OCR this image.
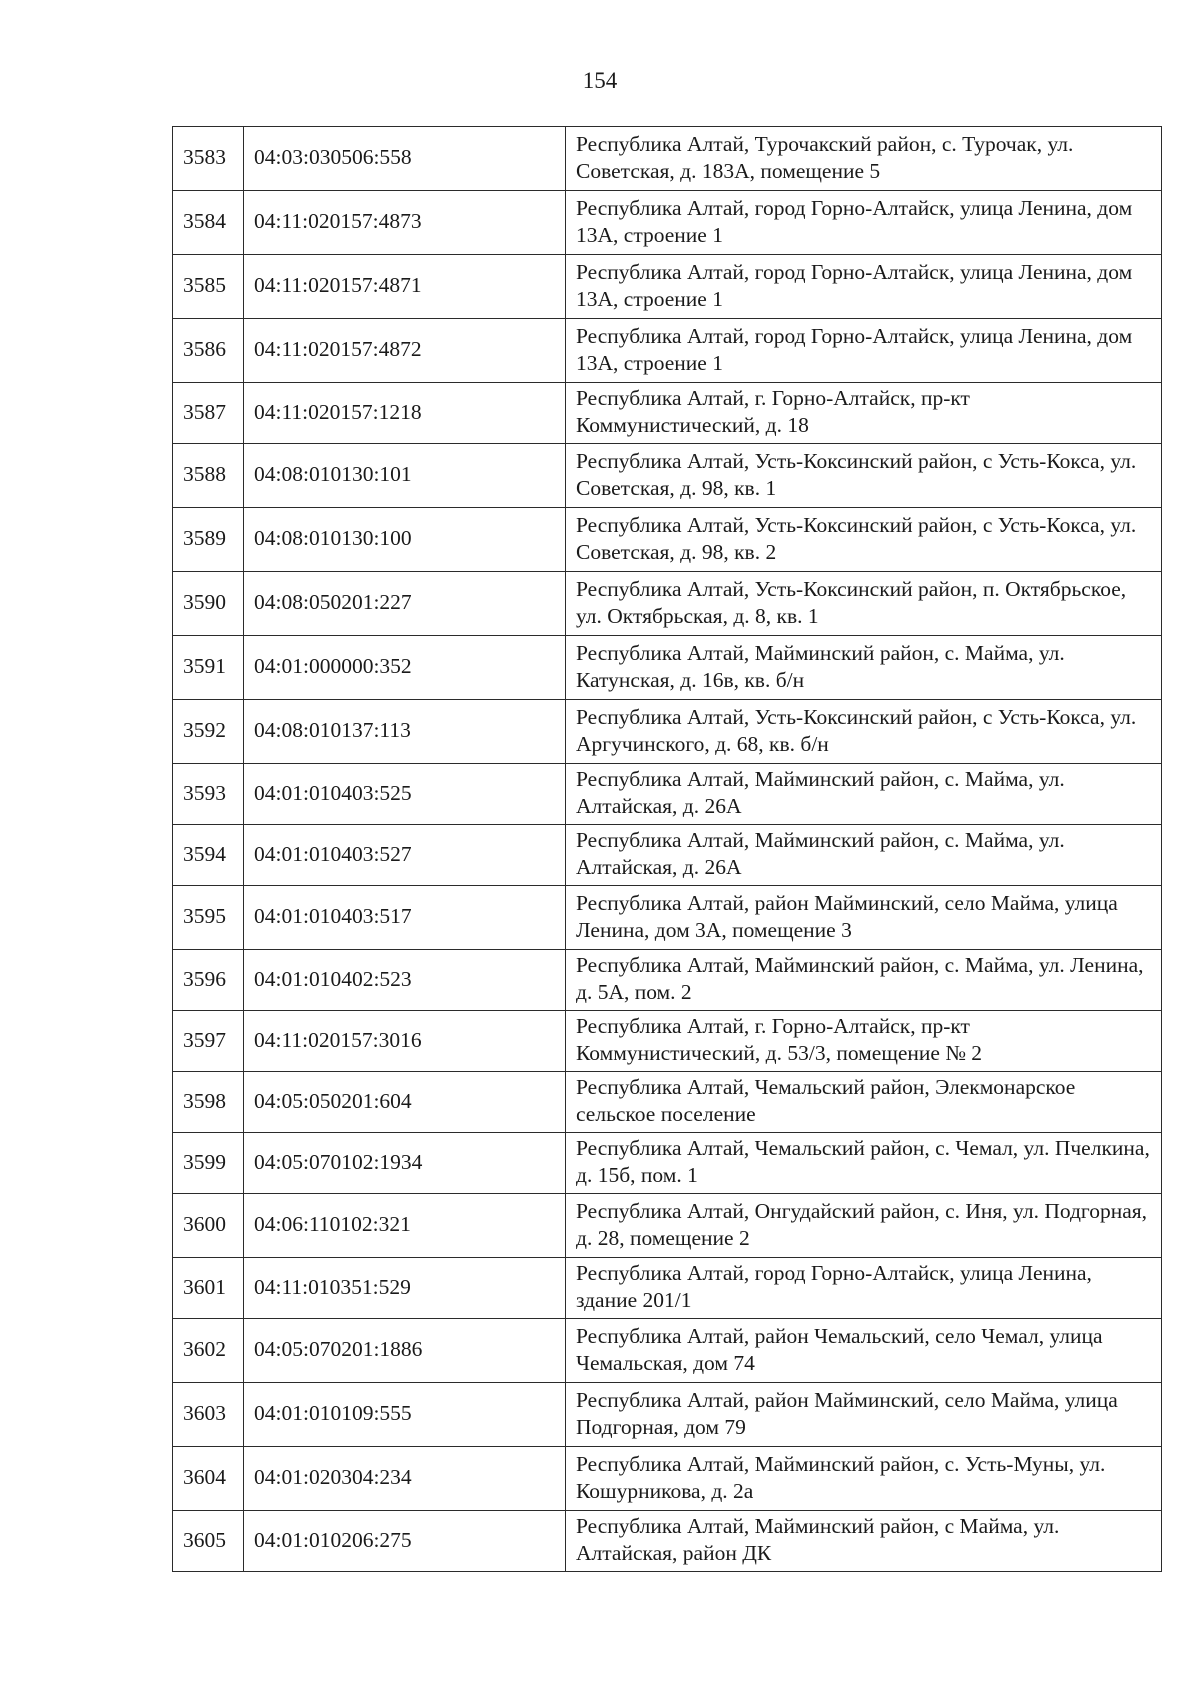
154
3583	04:03:030506:558	Республика Алтай, Турочакский район, с. Турочак, ул. Советская, д. 183А, помещение 5
3584	04:11:020157:4873	Республика Алтай, город Горно-Алтайск, улица Ленина, дом 13А, строение 1
3585	04:11:020157:4871	Республика Алтай, город Горно-Алтайск, улица Ленина, дом 13А, строение 1
3586	04:11:020157:4872	Республика Алтай, город Горно-Алтайск, улица Ленина, дом 13А, строение 1
3587	04:11:020157:1218	Республика Алтай, г. Горно-Алтайск, пр-кт Коммунистический, д. 18
3588	04:08:010130:101	Республика Алтай, Усть-Коксинский район, с Усть-Кокса, ул. Советская, д. 98, кв. 1
3589	04:08:010130:100	Республика Алтай, Усть-Коксинский район, с Усть-Кокса, ул. Советская, д. 98, кв. 2
3590	04:08:050201:227	Республика Алтай, Усть-Коксинский район, п. Октябрьское, ул. Октябрьская, д. 8, кв. 1
3591	04:01:000000:352	Республика Алтай, Майминский район, с. Майма, ул. Катунская, д. 16в, кв. б/н
3592	04:08:010137:113	Республика Алтай, Усть-Коксинский район, с Усть-Кокса, ул. Аргучинского, д. 68, кв. б/н
3593	04:01:010403:525	Республика Алтай, Майминский район, с. Майма, ул. Алтайская, д. 26А
3594	04:01:010403:527	Республика Алтай, Майминский район, с. Майма, ул. Алтайская, д. 26А
3595	04:01:010403:517	Республика Алтай, район Майминский, село Майма, улица Ленина, дом 3А, помещение 3
3596	04:01:010402:523	Республика Алтай, Майминский район, с. Майма, ул. Ленина, д. 5А, пом. 2
3597	04:11:020157:3016	Республика Алтай, г. Горно-Алтайск, пр-кт Коммунистический, д. 53/3, помещение № 2
3598	04:05:050201:604	Республика Алтай, Чемальский район, Элекмонарское сельское поселение
3599	04:05:070102:1934	Республика Алтай, Чемальский район, с. Чемал, ул. Пчелкина, д. 15б, пом. 1
3600	04:06:110102:321	Республика Алтай, Онгудайский район, с. Иня, ул. Подгорная, д. 28, помещение 2
3601	04:11:010351:529	Республика Алтай, город Горно-Алтайск, улица Ленина, здание 201/1
3602	04:05:070201:1886	Республика Алтай, район Чемальский, село Чемал, улица Чемальская, дом 74
3603	04:01:010109:555	Республика Алтай, район Майминский, село Майма, улица Подгорная, дом 79
3604	04:01:020304:234	Республика Алтай, Майминский район, с. Усть-Муны, ул. Кошурникова, д. 2а
3605	04:01:010206:275	Республика Алтай, Майминский район, с Майма, ул. Алтайская, район ДК
